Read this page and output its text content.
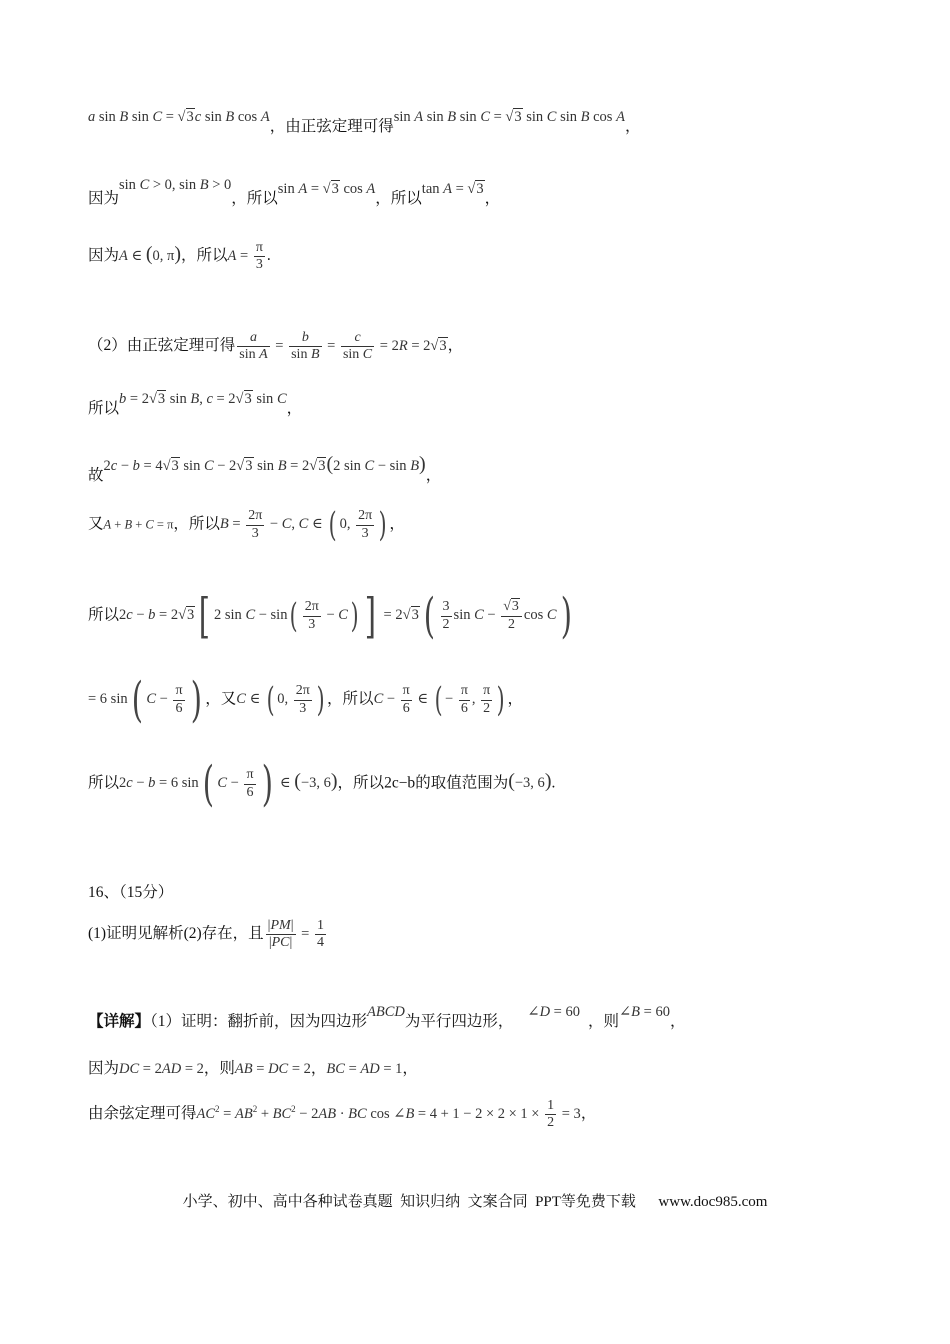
a sin B sin C = √3c sin B cos A，由正弦定理可得sin A sin B sin C = √3 sin C sin B cos A，
因为sin C > 0, sin B > 0，所以sin A = √3 cos A，所以tan A = √3，
因为A ∈ (0, π)，所以$A = \frac{\pi}{3}$ .
（2）由正弦定理可得 $\frac{a}{\text{sin A}} = \frac{b}{\text{sin B}} = \frac{c}{\text{sin C}} = 2R = 2√3$，
所以b = 2√3 sin B, c = 2√3 sin C，
故2c − b = 4√3 sin C − 2√3 sin B = 2√3(2 sin C − sin B)，
又A + B + C = π，所以$B = \frac{2\pi}{3} - C$, C ∈ ( 0, $\frac{2\pi}{3}$ ) ，
所以2c − b = 2√3[ 2 $\sin C - \sin( \frac{2\pi}{3} - C)$ ] = $2√3( \frac{3}{2}$ $\sin C - \frac{√3}{2}$ cos C)
= 6 sin( $C - \frac{\pi}{6}$ ) ，又C ∈ ( 0, $\frac{2\pi}{3}$ ) ，所以$C - \frac{\pi}{6}$ ∈ ( − $\frac{\pi}{6}$ , $\frac{\pi}{2}$ ) ，
所以2c − b = 6 sin( $C - \frac{\pi}{6}$ ) ∈ (−3, 6)，所以2c−b的取值范围为(−3, 6).
16、（15分）
(1)证明见解析(2)存在，且 $\frac{|PM|}{|PC|} = \frac{1}{4}$
【详解】（1）证明：翻折前，因为四边形ABCD为平行四边形，∠D = 60，则∠B = 60，
因为DC = 2AD = 2，则AB = DC = 2，BC = AD = 1，
由余弦定理可得$AC^2 = AB^2 + BC^2 - 2AB$ · BC cos ∠B = $4 + 1 - 2 \times 2 \times 1 \times \frac{1}{2} = 3$，
小学、初中、高中各种试卷真题  知识归纳  文案合同  PPT等免费下载      www.doc985.com
